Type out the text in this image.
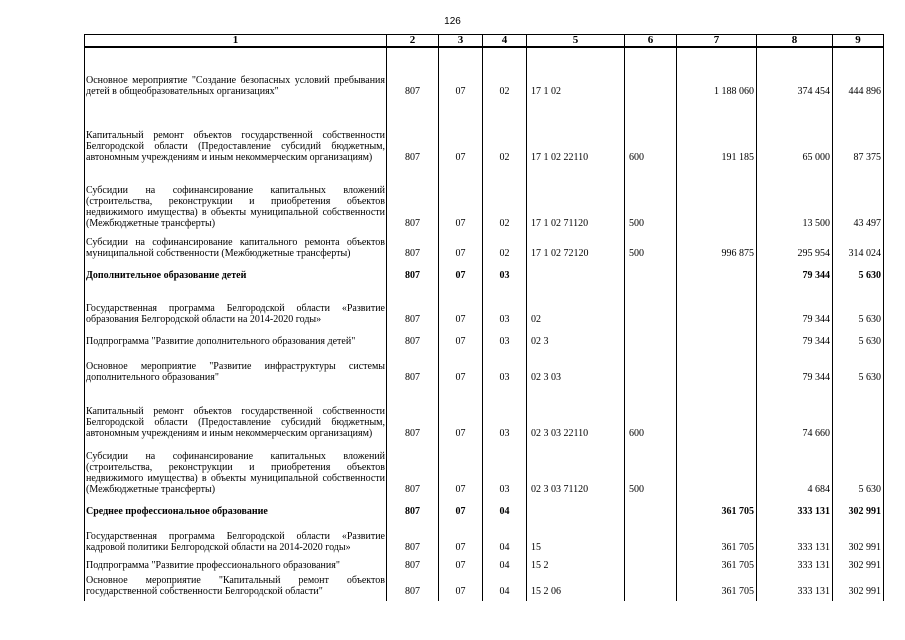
126
1	2	3	4	5	6	7	8	9
Основное мероприятие "Создание безопасных условий пребывания детей в общеобразовательных организациях"	807	07	02	17 1 02		1 188 060	374 454	444 896
Капитальный ремонт объектов государственной собственности Белгородской области (Предоставление субсидий бюджетным, автономным учреждениям и иным некоммерческим организациям)	807	07	02	17 1 02 22110	600	191 185	65 000	87 375
Субсидии на софинансирование капитальных вложений (строительства, реконструкции и приобретения объектов недвижимого имущества) в объекты муниципальной собственности (Межбюджетные трансферты)	807	07	02	17 1 02 71120	500		13 500	43 497
Субсидии на софинансирование капитального ремонта объектов муниципальной собственности (Межбюджетные трансферты)	807	07	02	17 1 02 72120	500	996 875	295 954	314 024
Дополнительное образование детей	807	07	03				79 344	5 630
Государственная программа Белгородской области «Развитие образования Белгородской области на 2014-2020 годы»	807	07	03	02			79 344	5 630
Подпрограмма "Развитие дополнительного образования детей"	807	07	03	02 3			79 344	5 630
Основное мероприятие "Развитие инфраструктуры системы дополнительного образования"	807	07	03	02 3 03			79 344	5 630
Капитальный ремонт объектов государственной собственности Белгородской области (Предоставление субсидий бюджетным, автономным учреждениям и иным некоммерческим организациям)	807	07	03	02 3 03 22110	600		74 660	
Субсидии на софинансирование капитальных вложений (строительства, реконструкции и приобретения объектов недвижимого имущества) в объекты муниципальной собственности (Межбюджетные трансферты)	807	07	03	02 3 03 71120	500		4 684	5 630
Среднее профессиональное образование	807	07	04			361 705	333 131	302 991
Государственная программа Белгородской области «Развитие кадровой политики Белгородской области на 2014-2020 годы»	807	07	04	15		361 705	333 131	302 991
Подпрограмма "Развитие профессионального образования"	807	07	04	15 2		361 705	333 131	302 991
Основное мероприятие "Капитальный ремонт объектов государственной собственности Белгородской области"	807	07	04	15 2 06		361 705	333 131	302 991
